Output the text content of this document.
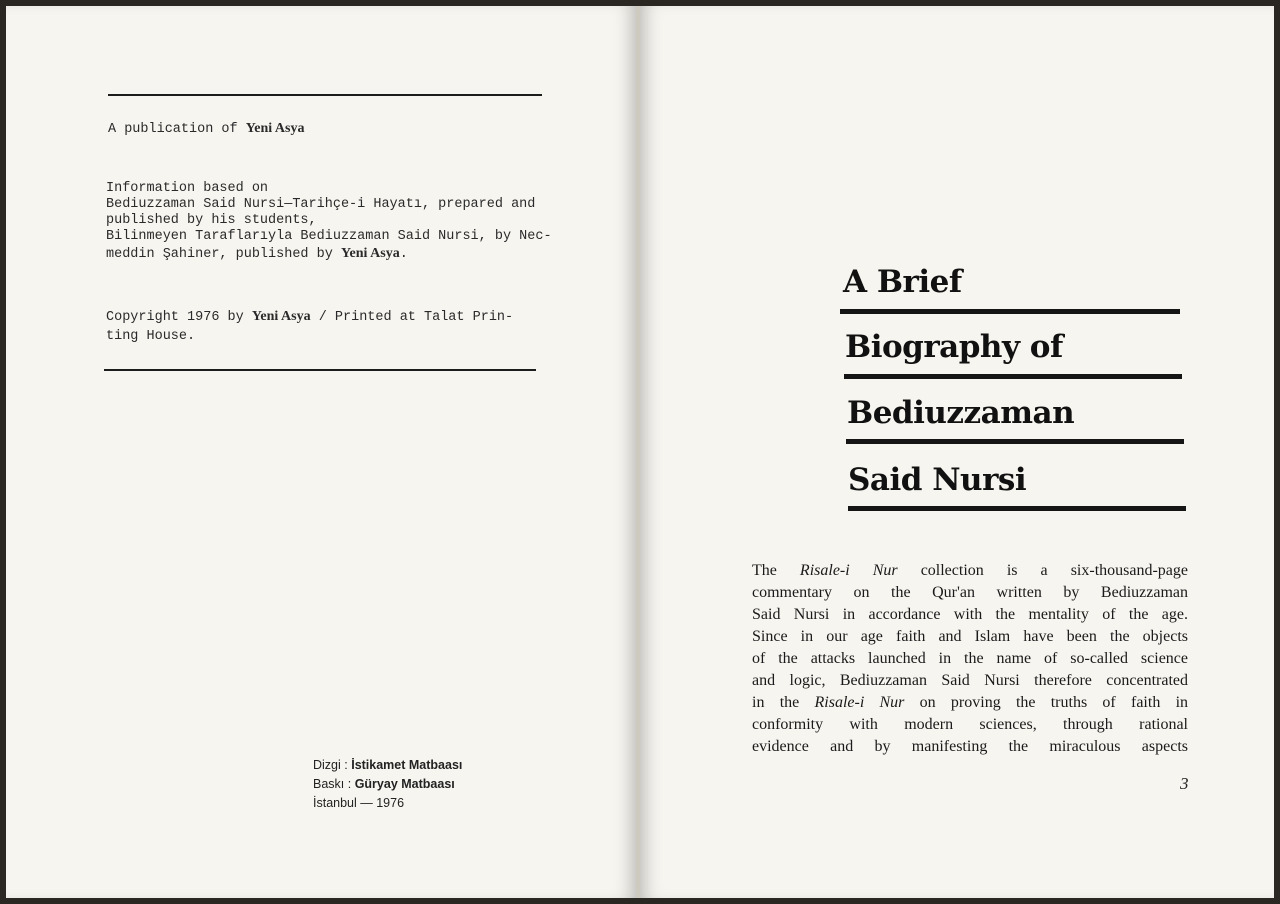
A publication of Yeni Asya
Information based on
Bediuzzaman Said Nursi—Tarihçe-i Hayatı, prepared and
published by his students,
Bilinmeyen Taraflarıyla Bediuzzaman Said Nursi, by Nec-
meddin Şahiner, published by Yeni Asya.
Copyright 1976 by Yeni Asya / Printed at Talat Prin-
ting House.
Dizgi : İstikamet Matbaası
Baskı : Güryay Matbaası
İstanbul — 1976
A Brief
Biography of
Bediuzzaman
Said Nursi
The Risale-i Nur collection is a six-thousand-page
commentary on the Qur'an written by Bediuzzaman
Said Nursi in accordance with the mentality of the age.
Since in our age faith and Islam have been the objects
of the attacks launched in the name of so-called science
and logic, Bediuzzaman Said Nursi therefore concentrated
in the Risale-i Nur on proving the truths of faith in
conformity with modern sciences, through rational
evidence and by manifesting the miraculous aspects
3
